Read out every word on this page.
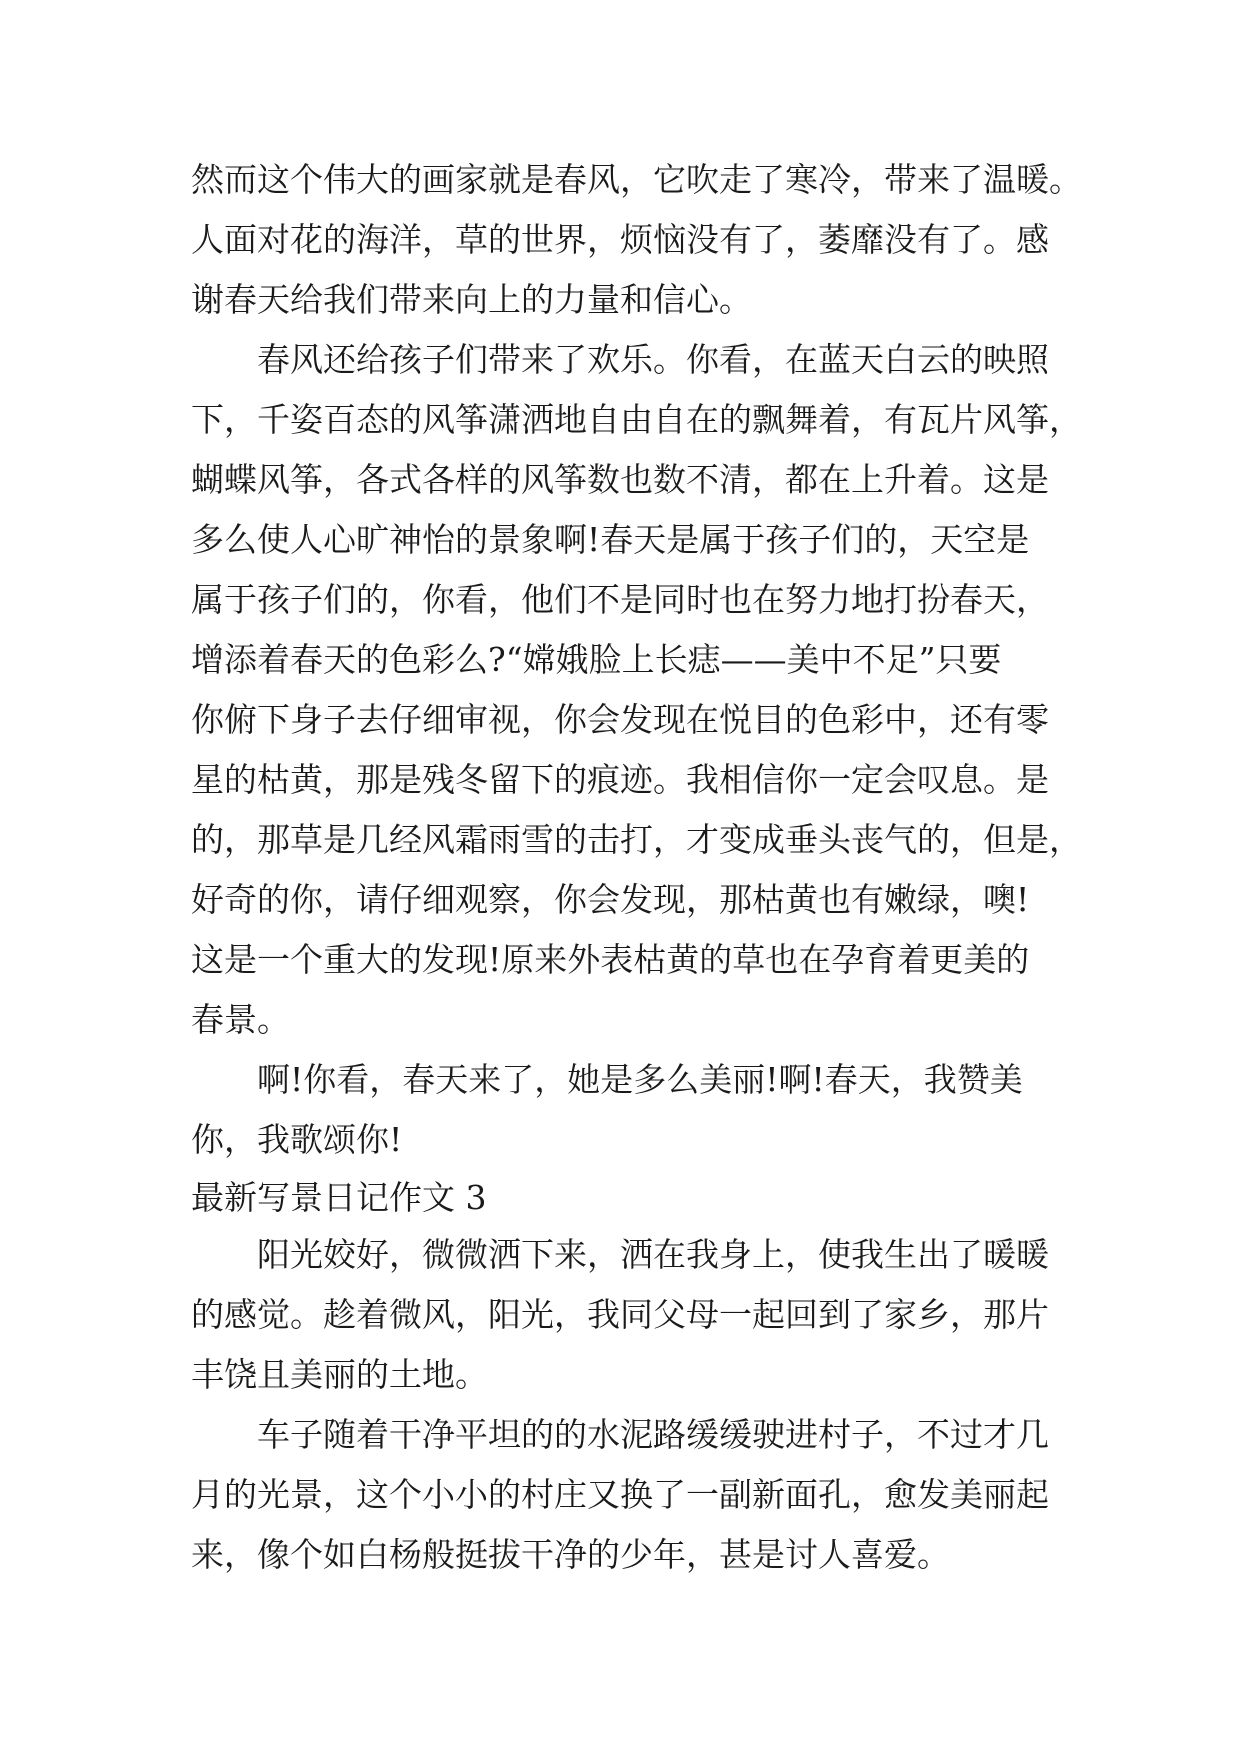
然而这个伟大的画家就是春风，它吹走了寒冷，带来了温暖。
人面对花的海洋，草的世界，烦恼没有了，萎靡没有了。感
谢春天给我们带来向上的力量和信心。
春风还给孩子们带来了欢乐。你看，在蓝天白云的映照
下，千姿百态的风筝潇洒地自由自在的飘舞着，有瓦片风筝，
蝴蝶风筝，各式各样的风筝数也数不清，都在上升着。这是
多么使人心旷神怡的景象啊!春天是属于孩子们的，天空是
属于孩子们的，你看，他们不是同时也在努力地打扮春天，
增添着春天的色彩么?“嫦娥脸上长痣——美中不足”只要
你俯下身子去仔细审视，你会发现在悦目的色彩中，还有零
星的枯黄，那是残冬留下的痕迹。我相信你一定会叹息。是
的，那草是几经风霜雨雪的击打，才变成垂头丧气的，但是，
好奇的你，请仔细观察，你会发现，那枯黄也有嫩绿，噢!
这是一个重大的发现!原来外表枯黄的草也在孕育着更美的
春景。
啊!你看，春天来了，她是多么美丽!啊!春天，我赞美
你，我歌颂你!
最新写景日记作文 3
阳光姣好，微微洒下来，洒在我身上，使我生出了暖暖
的感觉。趁着微风，阳光，我同父母一起回到了家乡，那片
丰饶且美丽的土地。
车子随着干净平坦的的水泥路缓缓驶进村子，不过才几
月的光景，这个小小的村庄又换了一副新面孔，愈发美丽起
来，像个如白杨般挺拔干净的少年，甚是讨人喜爱。
